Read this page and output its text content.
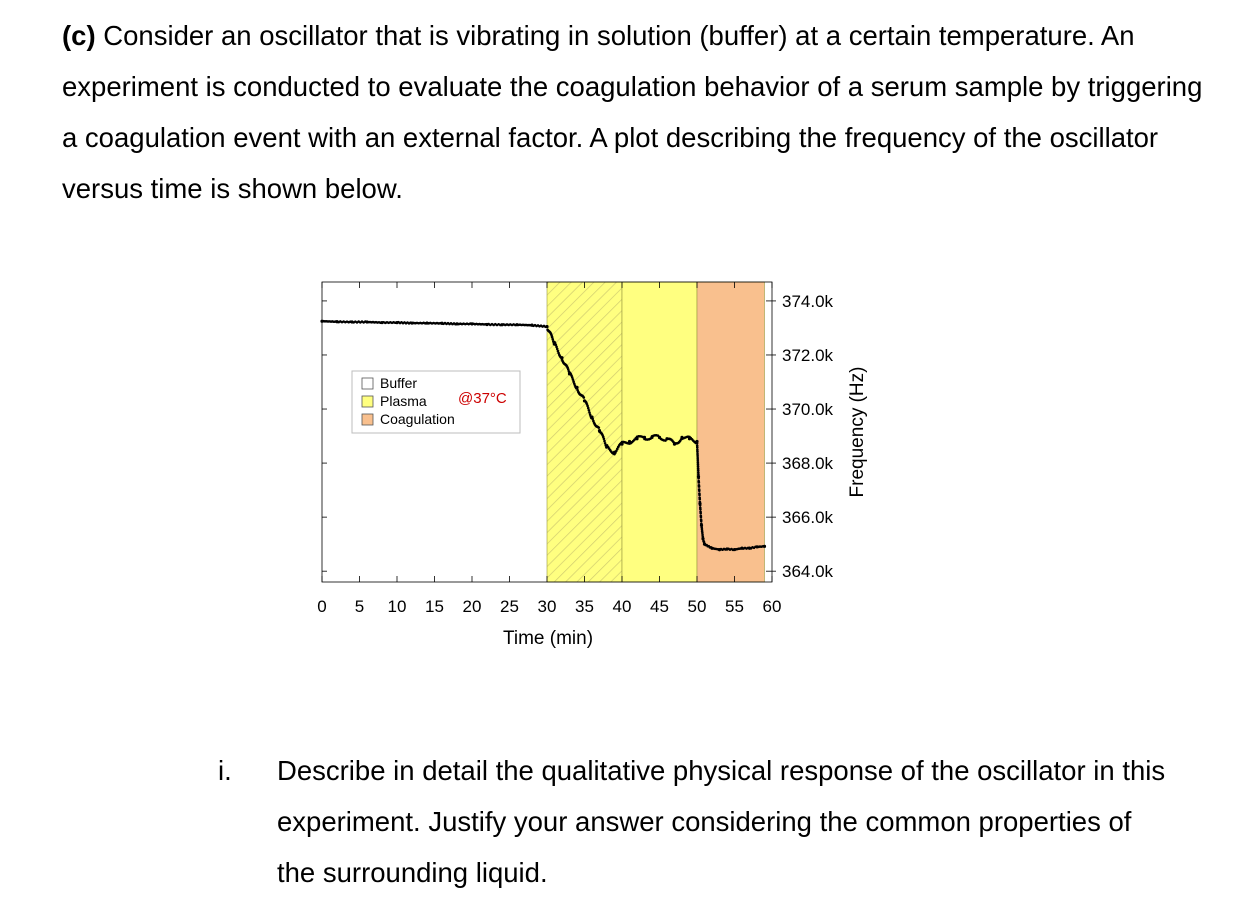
(c) Consider an oscillator that is vibrating in solution (buffer) at a certain temperature. An experiment is conducted to evaluate the coagulation behavior of a serum sample by triggering a coagulation event with an external factor. A plot describing the frequency of the oscillator versus time is shown below.
0 5 10 15 20 25 30 35 40 45 50 55 60
364.0k
366.0k
368.0k
370.0k
372.0k
374.0k
Time (min)
Frequency (Hz)
Buffer
Plasma
Coagulation
@37°C
i. Describe in detail the qualitative physical response of the oscillator in this experiment. Justify your answer considering the common properties of the surrounding liquid.
